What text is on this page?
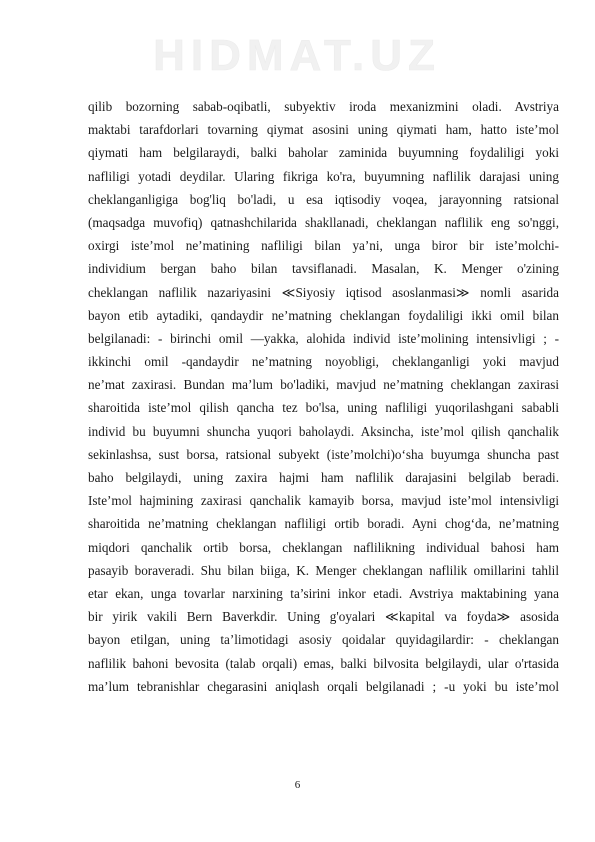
HIDMAT.UZ
qilib bozorning sabab-oqibatli, subyektiv iroda mexanizmini oladi. Avstriya
maktabi tarafdorlari tovarning qiymat asosini uning qiymati ham, hatto iste’mol
qiymati ham belgilaraydi, balki baholar zaminida buyumning foydaliligi yoki
nafliligi yotadi deydilar. Ularing fikriga ko'ra, buyumning naflilik darajasi uning
cheklanganligiga bog'liq bo'ladi, u esa iqtisodiy voqea, jarayonning ratsional
(maqsadga muvofiq) qatnashchilarida shakllanadi, cheklangan naflilik eng so'nggi,
oxirgi iste’mol ne’matining nafliligi bilan ya’ni, unga biror bir iste’molchi-
individium bergan baho bilan tavsiflanadi. Masalan, K. Menger o'zining
cheklangan naflilik nazariyasini ≪Siyosiy iqtisod asoslanmasi≫ nomli asarida
bayon etib aytadiki, qandaydir ne’matning cheklangan foydaliligi ikki omil bilan
belgilanadi: - birinchi omil —yakka, alohida individ iste’molining intensivligi ; -
ikkinchi omil -qandaydir ne’matning noyobligi, cheklanganligi yoki mavjud
ne’mat zaxirasi. Bundan ma’lum bo'ladiki, mavjud ne’matning cheklangan zaxirasi
sharoitida iste’mol qilish qancha tez bo'lsa, uning nafliligi yuqorilashgani sababli
individ bu buyumni shuncha yuqori baholaydi. Aksincha, iste’mol qilish qanchalik
sekinlashsa, sust borsa, ratsional subyekt (iste’molchi)o‘sha buyumga shuncha past
baho belgilaydi, uning zaxira hajmi ham naflilik darajasini belgilab beradi.
Iste’mol hajmining zaxirasi qanchalik kamayib borsa, mavjud iste’mol intensivligi
sharoitida ne’matning cheklangan nafliligi ortib boradi. Ayni chog‘da, ne’matning
miqdori qanchalik ortib borsa, cheklangan naflilikning individual bahosi ham
pasayib boraveradi. Shu bilan biiga, K. Menger cheklangan naflilik omillarini tahlil
etar ekan, unga tovarlar narxining ta’sirini inkor etadi. Avstriya maktabining yana
bir yirik vakili Bern Baverkdir. Uning g'oyalari ≪kapital va foyda≫ asosida
bayon etilgan, uning ta’limotidagi asosiy qoidalar quyidagilardir: - cheklangan
naflilik bahoni bevosita (talab orqali) emas, balki bilvosita belgilaydi, ular o'rtasida
ma’lum tebranishlar chegarasini aniqlash orqali belgilanadi ; -u yoki bu iste’mol
6
